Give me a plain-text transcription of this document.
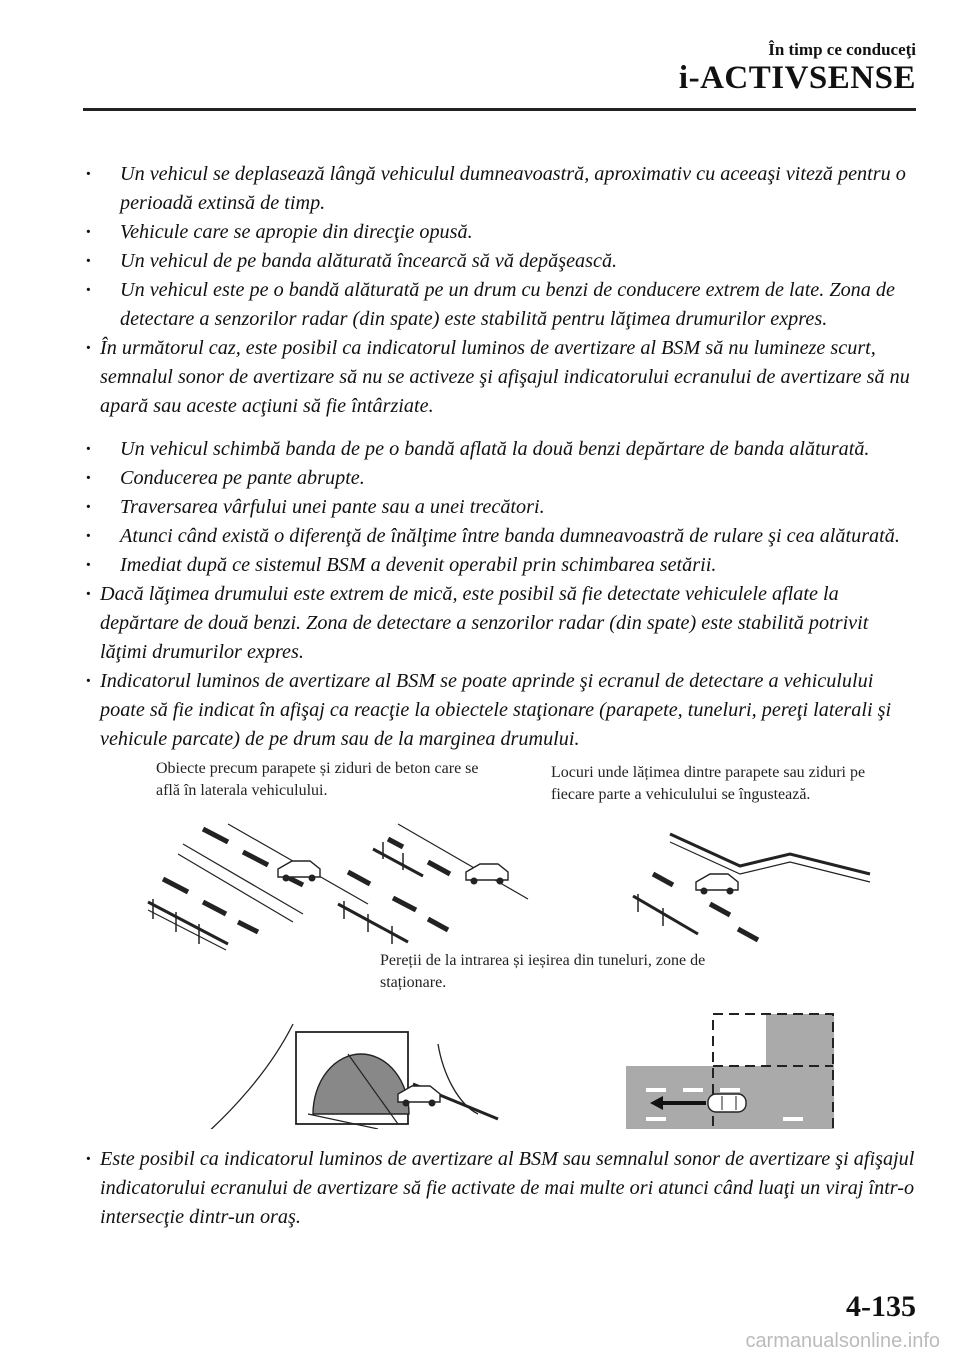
În timp ce conduceţi
i-ACTIVSENSE

· Un vehicul se deplasează lângă vehiculul dumneavoastră, aproximativ cu aceeaşi viteză pentru o perioadă extinsă de timp.

· Vehicule care se apropie din direcţie opusă.

· Un vehicul de pe banda alăturată încearcă să vă depăşească.

· Un vehicul este pe o bandă alăturată pe un drum cu benzi de conducere extrem de late. Zona de detectare a senzorilor radar (din spate) este stabilită pentru lăţimea drumurilor expres.

· În următorul caz, este posibil ca indicatorul luminos de avertizare al BSM să nu lumineze scurt, semnalul sonor de avertizare să nu se activeze şi afişajul indicatorului ecranului de avertizare să nu apară sau aceste acţiuni să fie întârziate.

· Un vehicul schimbă banda de pe o bandă aflată la două benzi depărtare de banda alăturată.

· Conducerea pe pante abrupte.

· Traversarea vârfului unei pante sau a unei trecători.

· Atunci când există o diferenţă de înălţime între banda dumneavoastră de rulare şi cea alăturată.

· Imediat după ce sistemul BSM a devenit operabil prin schimbarea setării.

· Dacă lăţimea drumului este extrem de mică, este posibil să fie detectate vehiculele aflate la depărtare de două benzi. Zona de detectare a senzorilor radar (din spate) este stabilită potrivit lăţimi drumurilor expres.

· Indicatorul luminos de avertizare al BSM se poate aprinde şi ecranul de detectare a vehiculului poate să fie indicat în afişaj ca reacţie la obiectele staţionare (parapete, tuneluri, pereţi laterali şi vehicule parcate) de pe drum sau de la marginea drumului.

Obiecte precum parapete și ziduri de beton care se află în laterala vehiculului.
Locuri unde lățimea dintre parapete sau ziduri pe fiecare parte a vehiculului se îngustează.
Pereții de la intrarea și ieșirea din tuneluri, zone de staționare.

· Este posibil ca indicatorul luminos de avertizare al BSM sau semnalul sonor de avertizare şi afişajul indicatorului ecranului de avertizare să fie activate de mai multe ori atunci când luaţi un viraj într-o intersecţie dintr-un oraş.

4-135
carmanualsonline.info
